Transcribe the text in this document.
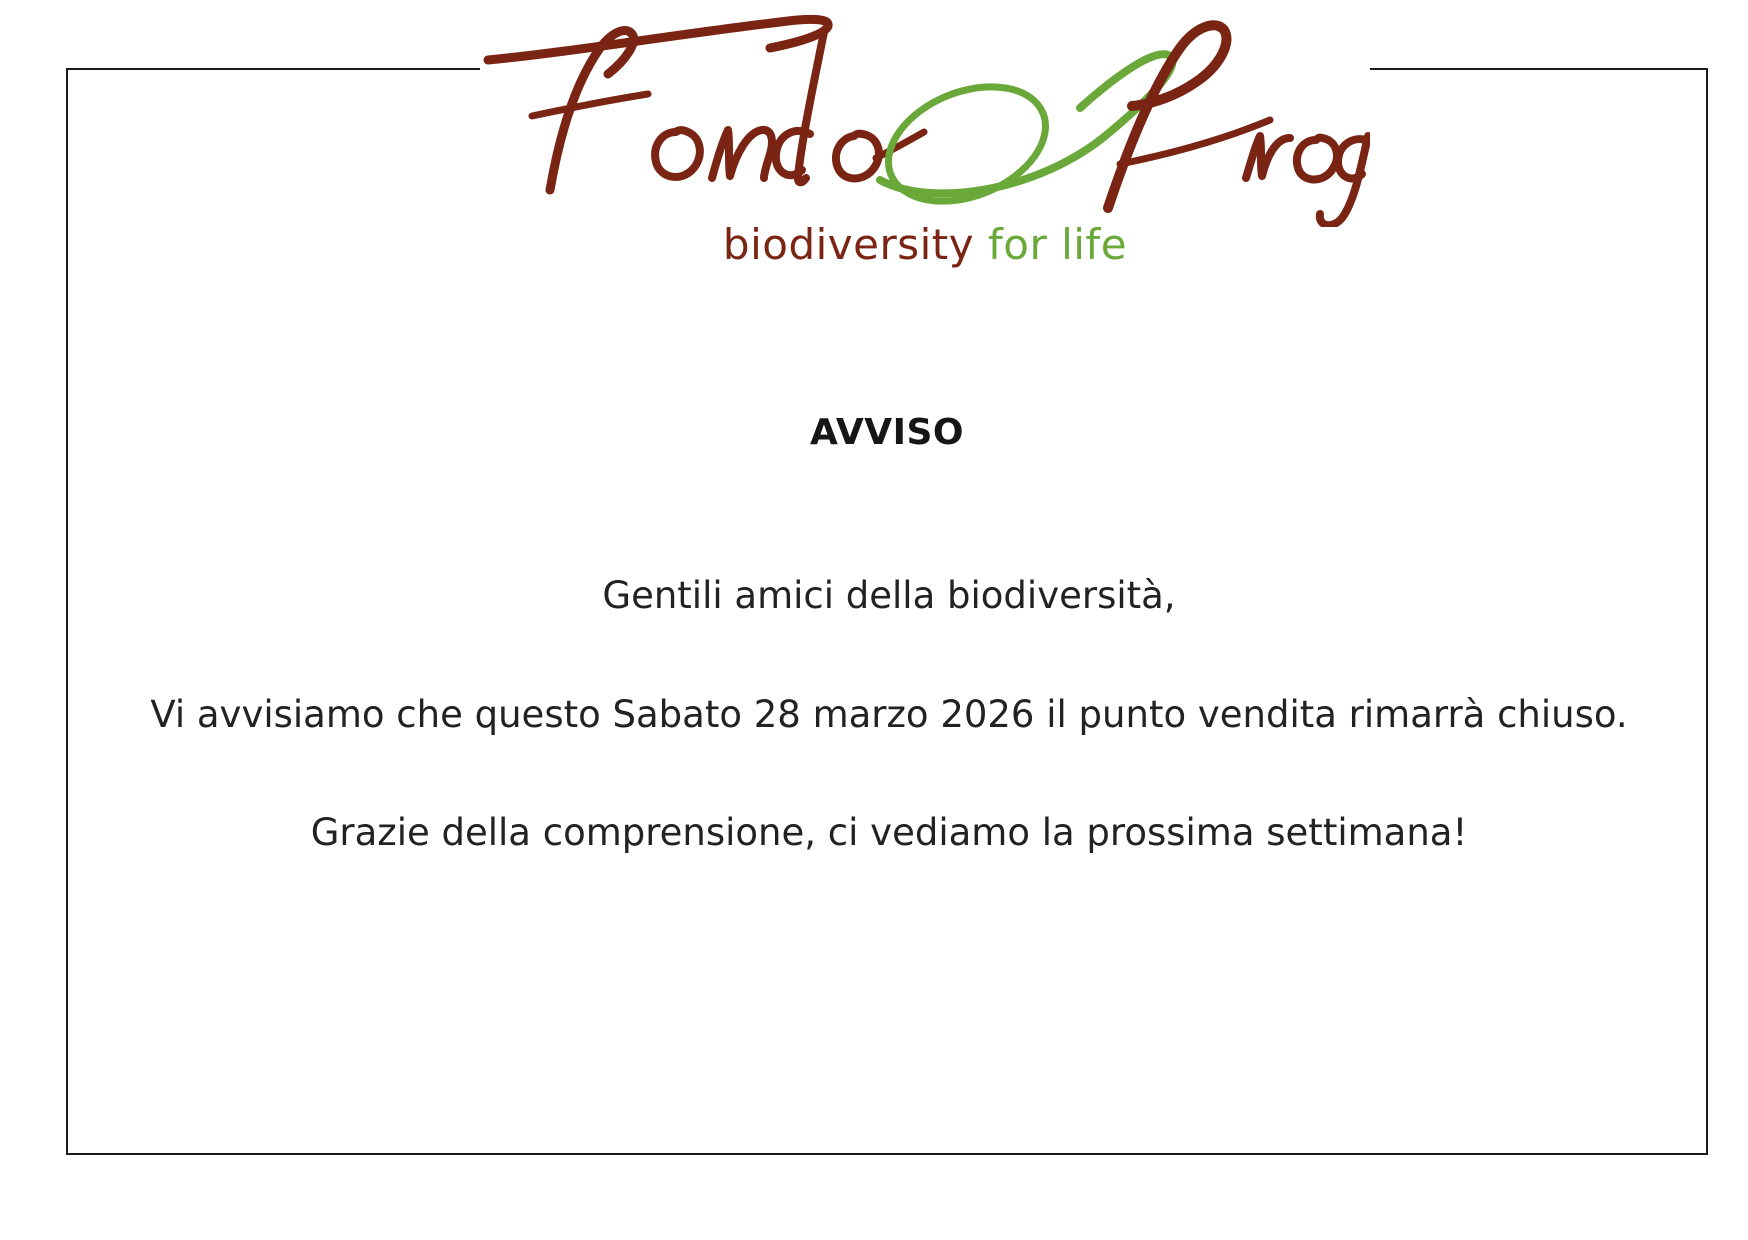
AVVISO

Gentili amici della biodiversità,

Vi avvisiamo che questo Sabato 28 marzo 2026 il punto vendita rimarrà chiuso.

Grazie della comprensione, ci vediamo la prossima settimana!

biodiversity for life
